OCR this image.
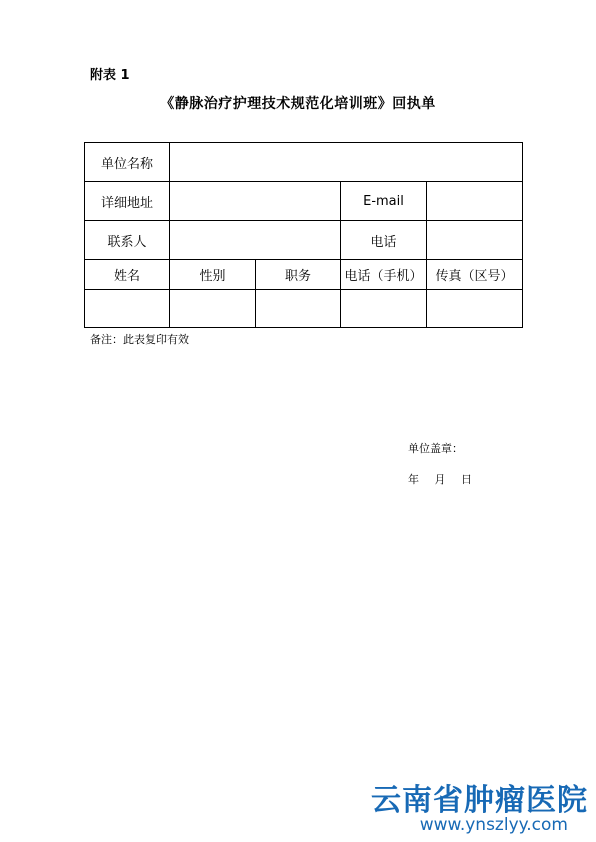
附表 1
《静脉治疗护理技术规范化培训班》回执单
单位名称				
详细地址			E-mail	
联系人			电话	
姓名	性别	职务	电话（手机）	传真（区号）

备注：此表复印有效
单位盖章：
年 月 日
云南省肿瘤医院
www.ynszlyy.com
